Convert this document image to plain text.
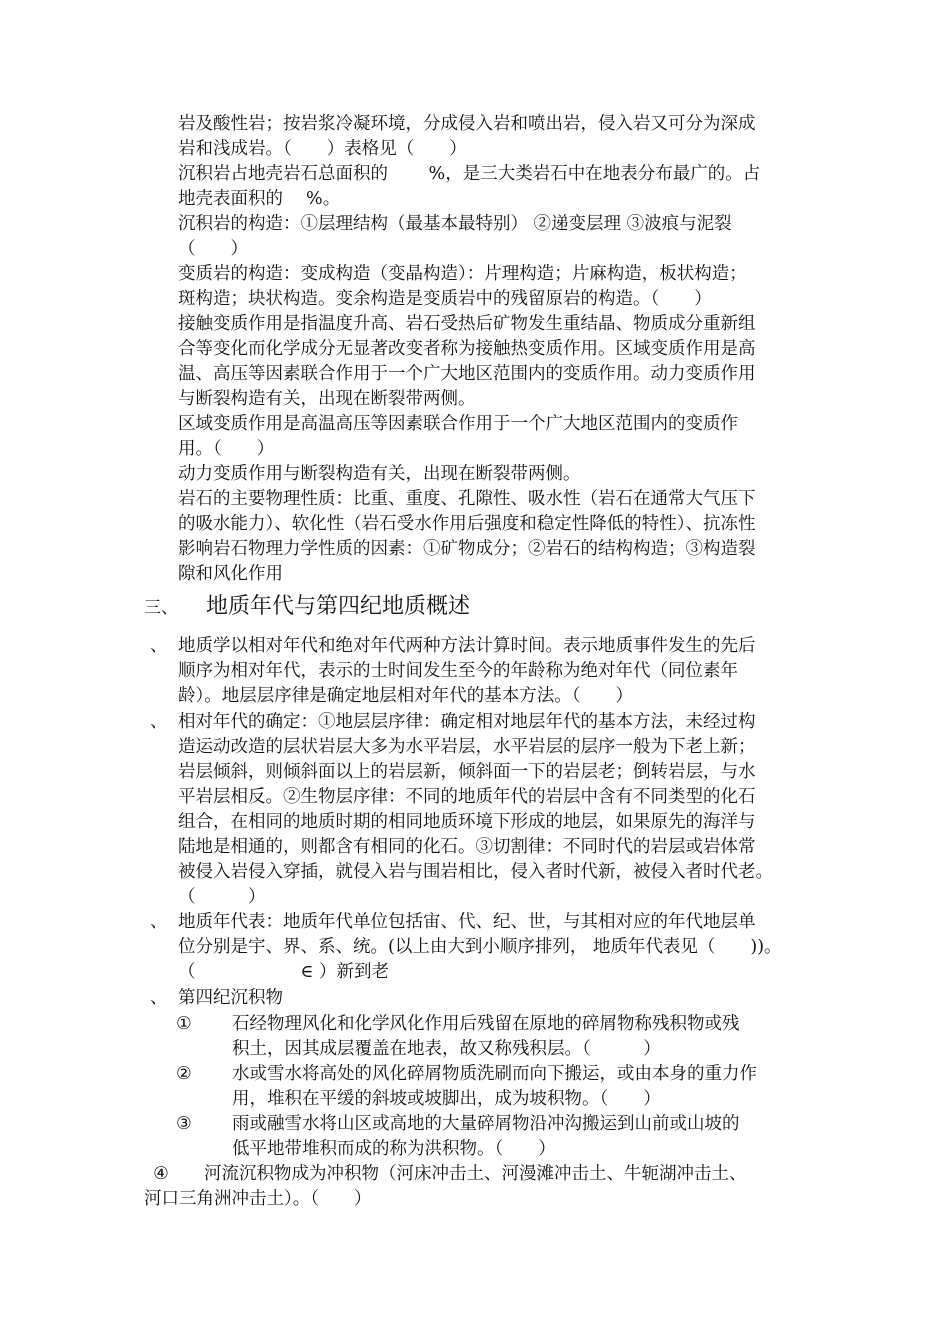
岩及酸性岩；按岩浆冷凝环境，分成侵入岩和喷出岩，侵入岩又可分为深成
岩和浅成岩。（　　）表格见（　　）
沉积岩占地壳岩石总面积的　　 %，是三大类岩石中在地表分布最广的。占
地壳表面积的　 %。
沉积岩的构造：①层理结构（最基本最特别） ②递变层理 ③波痕与泥裂
（　　）
变质岩的构造：变成构造（变晶构造）：片理构造；片麻构造，板状构造；
斑构造；块状构造。变余构造是变质岩中的残留原岩的构造。（　　）
接触变质作用是指温度升高、岩石受热后矿物发生重结晶、物质成分重新组
合等变化而化学成分无显著改变者称为接触热变质作用。区域变质作用是高
温、高压等因素联合作用于一个广大地区范围内的变质作用。动力变质作用
与断裂构造有关，出现在断裂带两侧。
区域变质作用是高温高压等因素联合作用于一个广大地区范围内的变质作
用。（　　）
动力变质作用与断裂构造有关，出现在断裂带两侧。
岩石的主要物理性质：比重、重度、孔隙性、吸水性（岩石在通常大气压下
的吸水能力）、软化性（岩石受水作用后强度和稳定性降低的特性）、抗冻性
影响岩石物理力学性质的因素：①矿物成分；②岩石的结构构造；③构造裂
隙和风化作用
三、 地质年代与第四纪地质概述
、 地质学以相对年代和绝对年代两种方法计算时间。表示地质事件发生的先后
顺序为相对年代，表示的士时间发生至今的年龄称为绝对年代（同位素年
龄）。地层层序律是确定地层相对年代的基本方法。（　　）
、 相对年代的确定：①地层层序律：确定相对地层年代的基本方法，未经过构
造运动改造的层状岩层大多为水平岩层，水平岩层的层序一般为下老上新；
岩层倾斜，则倾斜面以上的岩层新，倾斜面一下的岩层老；倒转岩层，与水
平岩层相反。②生物层序律：不同的地质年代的岩层中含有不同类型的化石
组合，在相同的地质时期的相同地质环境下形成的地层，如果原先的海洋与
陆地是相通的，则都含有相同的化石。③切割律：不同时代的岩层或岩体常
被侵入岩侵入穿插，就侵入岩与围岩相比，侵入者时代新，被侵入者时代老。
（　　　）
、 地质年代表：地质年代单位包括宙、代、纪、世，与其相对应的年代地层单
位分别是宇、界、系、统。(以上由大到小顺序排列， 地质年代表见（　　))。
（　　　　　　∈ ）新到老
、 第四纪沉积物
① 石经物理风化和化学风化作用后残留在原地的碎屑物称残积物或残
积土，因其成层覆盖在地表，故又称残积层。（　　　）
② 水或雪水将高处的风化碎屑物质洗刷而向下搬运，或由本身的重力作
用，堆积在平缓的斜坡或坡脚出，成为坡积物。（　　）
③ 雨或融雪水将山区或高地的大量碎屑物沿冲沟搬运到山前或山坡的
低平地带堆积而成的称为洪积物。（　　）
④ 河流沉积物成为冲积物（河床冲击土、河漫滩冲击土、牛轭湖冲击土、
河口三角洲冲击土）。（　　）
